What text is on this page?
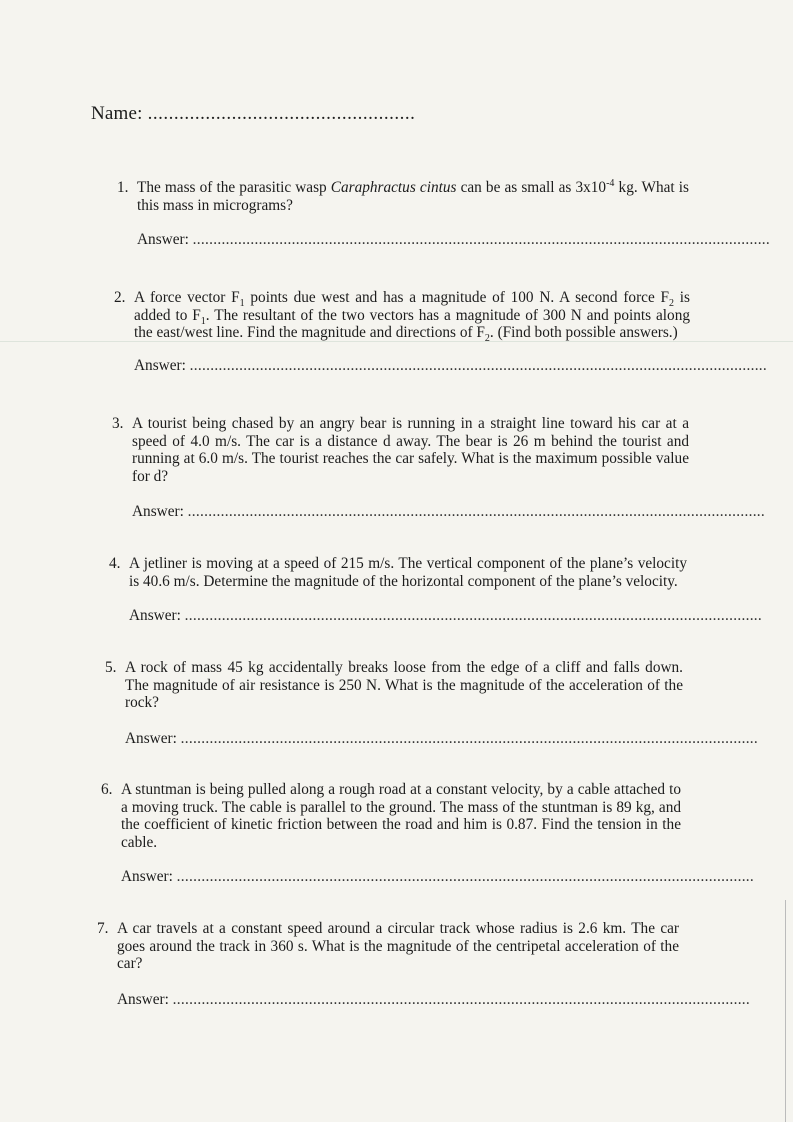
Name: ...................................................
1. The mass of the parasitic wasp Caraphractus cintus can be as small as $3x10^{-4}$ kg. What is this mass in micrograms?
Answer: ............................................................................................................................................
2. A force vector $F_1$ points due west and has a magnitude of 100 N. A second force $F_2$ is added to $F_1$. The resultant of the two vectors has a magnitude of 300 N and points along the east/west line. Find the magnitude and directions of $F_2$. (Find both possible answers.)
Answer: ............................................................................................................................................
3. A tourist being chased by an angry bear is running in a straight line toward his car at a speed of 4.0 m/s. The car is a distance d away. The bear is 26 m behind the tourist and running at 6.0 m/s. The tourist reaches the car safely. What is the maximum possible value for d?
Answer: ............................................................................................................................................
4. A jetliner is moving at a speed of 215 m/s. The vertical component of the plane’s velocity is 40.6 m/s. Determine the magnitude of the horizontal component of the plane’s velocity.
Answer: ............................................................................................................................................
5. A rock of mass 45 kg accidentally breaks loose from the edge of a cliff and falls down. The magnitude of air resistance is 250 N. What is the magnitude of the acceleration of the rock?
Answer: ............................................................................................................................................
6. A stuntman is being pulled along a rough road at a constant velocity, by a cable attached to a moving truck. The cable is parallel to the ground. The mass of the stuntman is 89 kg, and the coefficient of kinetic friction between the road and him is 0.87. Find the tension in the cable.
Answer: ............................................................................................................................................
7. A car travels at a constant speed around a circular track whose radius is 2.6 km. The car goes around the track in 360 s. What is the magnitude of the centripetal acceleration of the car?
Answer: ............................................................................................................................................
